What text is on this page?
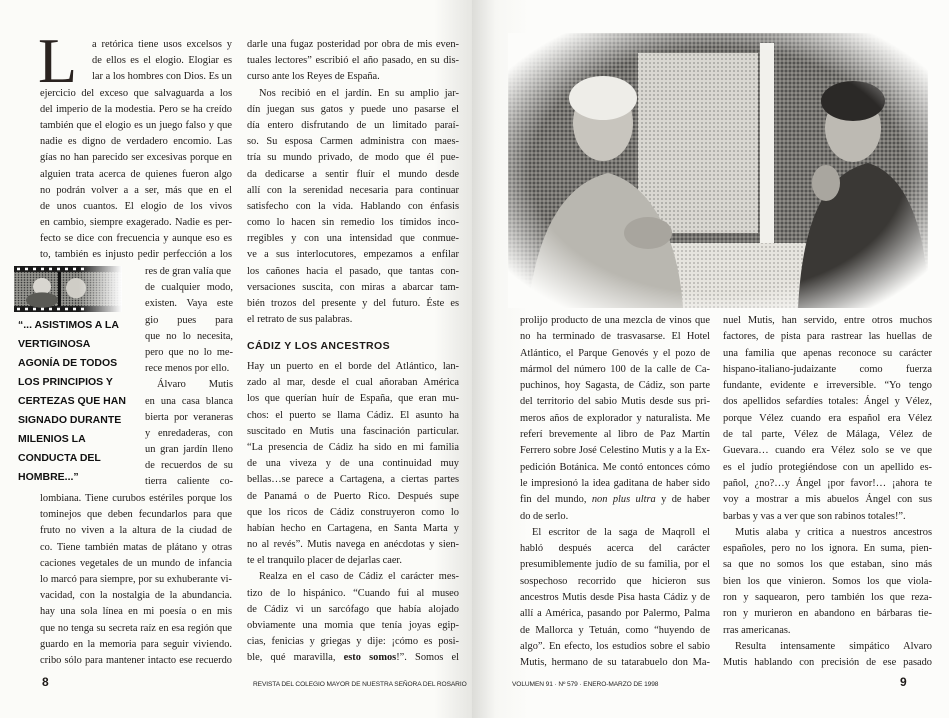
L	a retórica tiene usos excelsos y
de ellos es el elogio. Elogiar es
lar a los hombres con Dios. Es un
ejercicio del exceso que salvaguarda a los
del imperio de la modestia. Pero se ha creído
también que el elogio es un juego falso y que
nadie es digno de verdadero encomio. Las
gías no han parecido ser excesivas porque en
alguien trata acerca de quienes fueron algo
no podrán volver a a ser, más que en el
de unos cuantos. El elogio de los vivos
en cambio, siempre exagerado. Nadie es per-
fecto se dice con frecuencia y aunque eso es
to, también es injusto pedir perfección a los
res de gran valía que
de cualquier modo,
existen. Vaya este
gio pues para
que no lo necesita,
pero que no lo me-
rece menos por ello.
Álvaro Mutis
en una casa blanca
bierta por veraneras
y enredaderas, con
un gran jardín lleno
de recuerdos de su
tierra caliente co-
lombiana. Tiene curubos estériles porque los
tominejos que deben fecundarlos para que
fruto no viven a la altura de la ciudad de
co. Tiene también matas de plátano y otras
caciones vegetales de un mundo de infancia
lo marcó para siempre, por su exhuberante vi-
vacidad, con la nostalgia de la abundancia.
hay una sola línea en mi poesía o en mis
que no tenga su secreta raíz en esa región que
guardo en la memoria para seguir viviendo.
cribo sólo para mantener intacto ese recuerdo
“... ASISTIMOS A LA
VERTIGINOSA
AGONÍA DE TODOS
LOS PRINCIPIOS Y
CERTEZAS QUE HAN
SIGNADO DURANTE
MILENIOS LA
CONDUCTA DEL
HOMBRE...”
darle una fugaz posteridad por obra de mis even-
tuales lectores” escribió el año pasado, en su dis-
curso ante los Reyes de España.
Nos recibió en el jardín. En su amplio jar-
dín juegan sus gatos y puede uno pasarse el
día entero disfrutando de un limitado paraí-
so. Su esposa Carmen administra con maes-
tría su mundo privado, de modo que él pue-
da dedicarse a sentir fluír el mundo desde
allí con la serenidad necesaria para continuar
satisfecho con la vida. Hablando con énfasis
como lo hacen sin remedio los tímidos inco-
rregibles y con una intensidad que conmue-
ve a sus interlocutores, empezamos a enfilar
los cañones hacia el pasado, que tantas con-
versaciones suscita, con miras a abarcar tam-
bién trozos del presente y del futuro. Éste es
el retrato de sus palabras.
CÁDIZ Y LOS ANCESTROS
Hay un puerto en el borde del Atlántico, lan-
zado al mar, desde el cual añoraban América
los que querían huír de España, que eran mu-
chos: el puerto se llama Cádiz. El asunto ha
suscitado en Mutis una fascinación particular.
“La presencia de Cádiz ha sido en mi familia
de una viveza y de una continuidad muy
bellas…se parece a Cartagena, a ciertas partes
de Panamá o de Puerto Rico. Después supe
que los ricos de Cádiz construyeron como lo
habían hecho en Cartagena, en Santa Marta y
no al revés”. Mutis navega en anécdotas y sien-
te el tranquilo placer de dejarlas caer.
Realza en el caso de Cádiz el carácter mes-
tizo de lo hispánico. “Cuando fui al museo
de Cádiz vi un sarcófago que había alojado
obviamente una momia que tenía joyas egip-
cias, fenicias y griegas y dije: ¡cómo es posi-
ble, qué maravilla, esto somos!”. Somos el
8	REVISTA DEL COLEGIO MAYOR DE NUESTRA SEÑORA DEL ROSARIO
prolijo producto de una mezcla de vinos que
no ha terminado de trasvasarse. El Hotel
Atlántico, el Parque Genovés y el pozo de
mármol del número 100 de la calle de Ca-
puchinos, hoy Sagasta, de Cádiz, son parte
del territorio del sabio Mutis desde sus pri-
meros años de explorador y naturalista. Me
referí brevemente al libro de Paz Martín
Ferrero sobre José Celestino Mutis y a la Ex-
pedición Botánica. Me contó entonces cómo
le impresionó la idea gaditana de haber sido
fin del mundo, non plus ultra y de haber
do de serlo.
El escritor de la saga de Maqroll el
habló después acerca del carácter
presumiblemente judío de su familia, por el
sospechoso recorrido que hicieron sus
ancestros Mutis desde Pisa hasta Cádiz y de
allí a América, pasando por Palermo, Palma
de Mallorca y Tetuán, como “huyendo de
algo”. En efecto, los estudios sobre el sabio
Mutis, hermano de su tatarabuelo don Ma-
nuel Mutis, han servido, entre otros muchos
factores, de pista para rastrear las huellas de
una familia que apenas reconoce su carácter
hispano-italiano-judaizante como fuerza
fundante, evidente e irreversible. “Yo tengo
dos apellidos sefardíes totales: Ángel y Vélez,
porque Vélez cuando era español era Vélez
de tal parte, Vélez de Málaga, Vélez de
Guevara… cuando era Vélez solo se ve que
es el judío protegiéndose con un apellido es-
pañol, ¿no?…y Ángel ¡por favor!… ¡ahora te
voy a mostrar a mis abuelos Ángel con sus
barbas y vas a ver que son rabinos totales!”.
Mutis alaba y critica a nuestros ancestros
españoles, pero no los ignora. En suma, pien-
sa que no somos los que estaban, sino más
bien los que vinieron. Somos los que viola-
ron y saquearon, pero también los que reza-
ron y murieron en abandono en bárbaras tie-
rras americanas.
Resulta intensamente simpático Alvaro
Mutis hablando con precisión de ese pasado
VOLUMEN 91 · Nº 579 · ENERO-MARZO DE 1998	9
